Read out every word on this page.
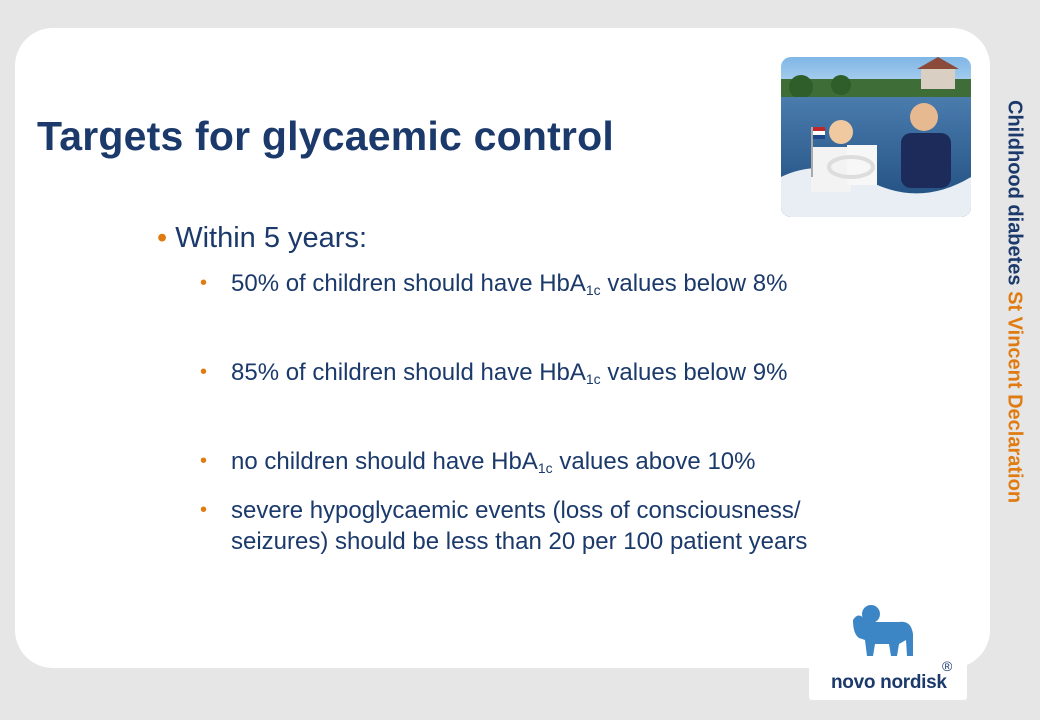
Targets for glycaemic control
• Within 5 years:
• 50% of children should have HbA$_{1c}$ values below 8%
• 85% of children should have HbA$_{1c}$ values below 9%
• no children should have HbA$_{1c}$ values above 10%
• severe hypoglycaemic events (loss of consciousness/ seizures) should be less than 20 per 100 patient years
Childhood diabetes St Vincent Declaration
novo nordisk
®
